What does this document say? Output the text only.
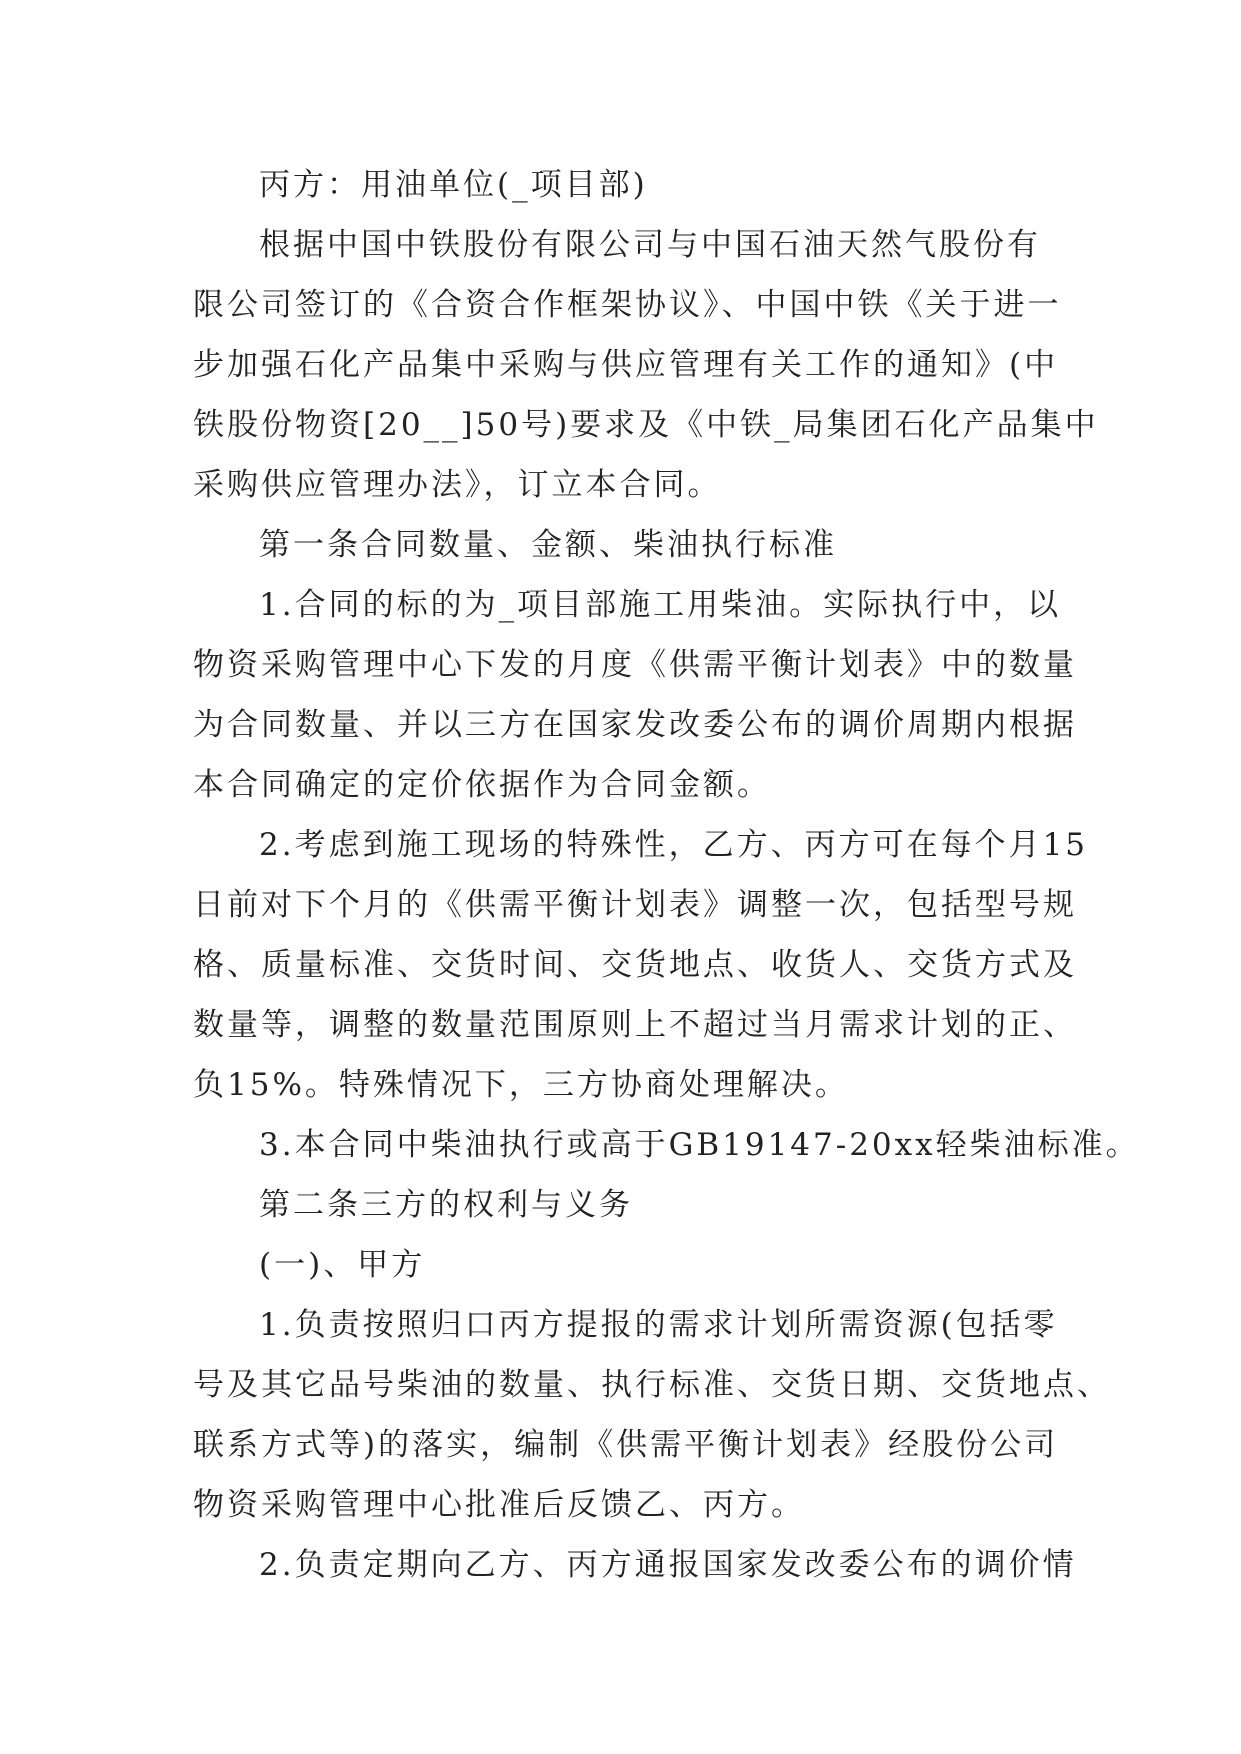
丙方：用油单位(_项目部)
根据中国中铁股份有限公司与中国石油天然气股份有
限公司签订的《合资合作框架协议》、中国中铁《关于进一
步加强石化产品集中采购与供应管理有关工作的通知》(中
铁股份物资[20__]50号)要求及《中铁_局集团石化产品集中
采购供应管理办法》，订立本合同。
第一条合同数量、金额、柴油执行标准
1.合同的标的为_项目部施工用柴油。实际执行中，以
物资采购管理中心下发的月度《供需平衡计划表》中的数量
为合同数量、并以三方在国家发改委公布的调价周期内根据
本合同确定的定价依据作为合同金额。
2.考虑到施工现场的特殊性，乙方、丙方可在每个月15
日前对下个月的《供需平衡计划表》调整一次，包括型号规
格、质量标准、交货时间、交货地点、收货人、交货方式及
数量等，调整的数量范围原则上不超过当月需求计划的正、
负15%。特殊情况下，三方协商处理解决。
3.本合同中柴油执行或高于GB19147-20xx轻柴油标准。
第二条三方的权利与义务
(一)、甲方
1.负责按照归口丙方提报的需求计划所需资源(包括零
号及其它品号柴油的数量、执行标准、交货日期、交货地点、
联系方式等)的落实，编制《供需平衡计划表》经股份公司
物资采购管理中心批准后反馈乙、丙方。
2.负责定期向乙方、丙方通报国家发改委公布的调价情
